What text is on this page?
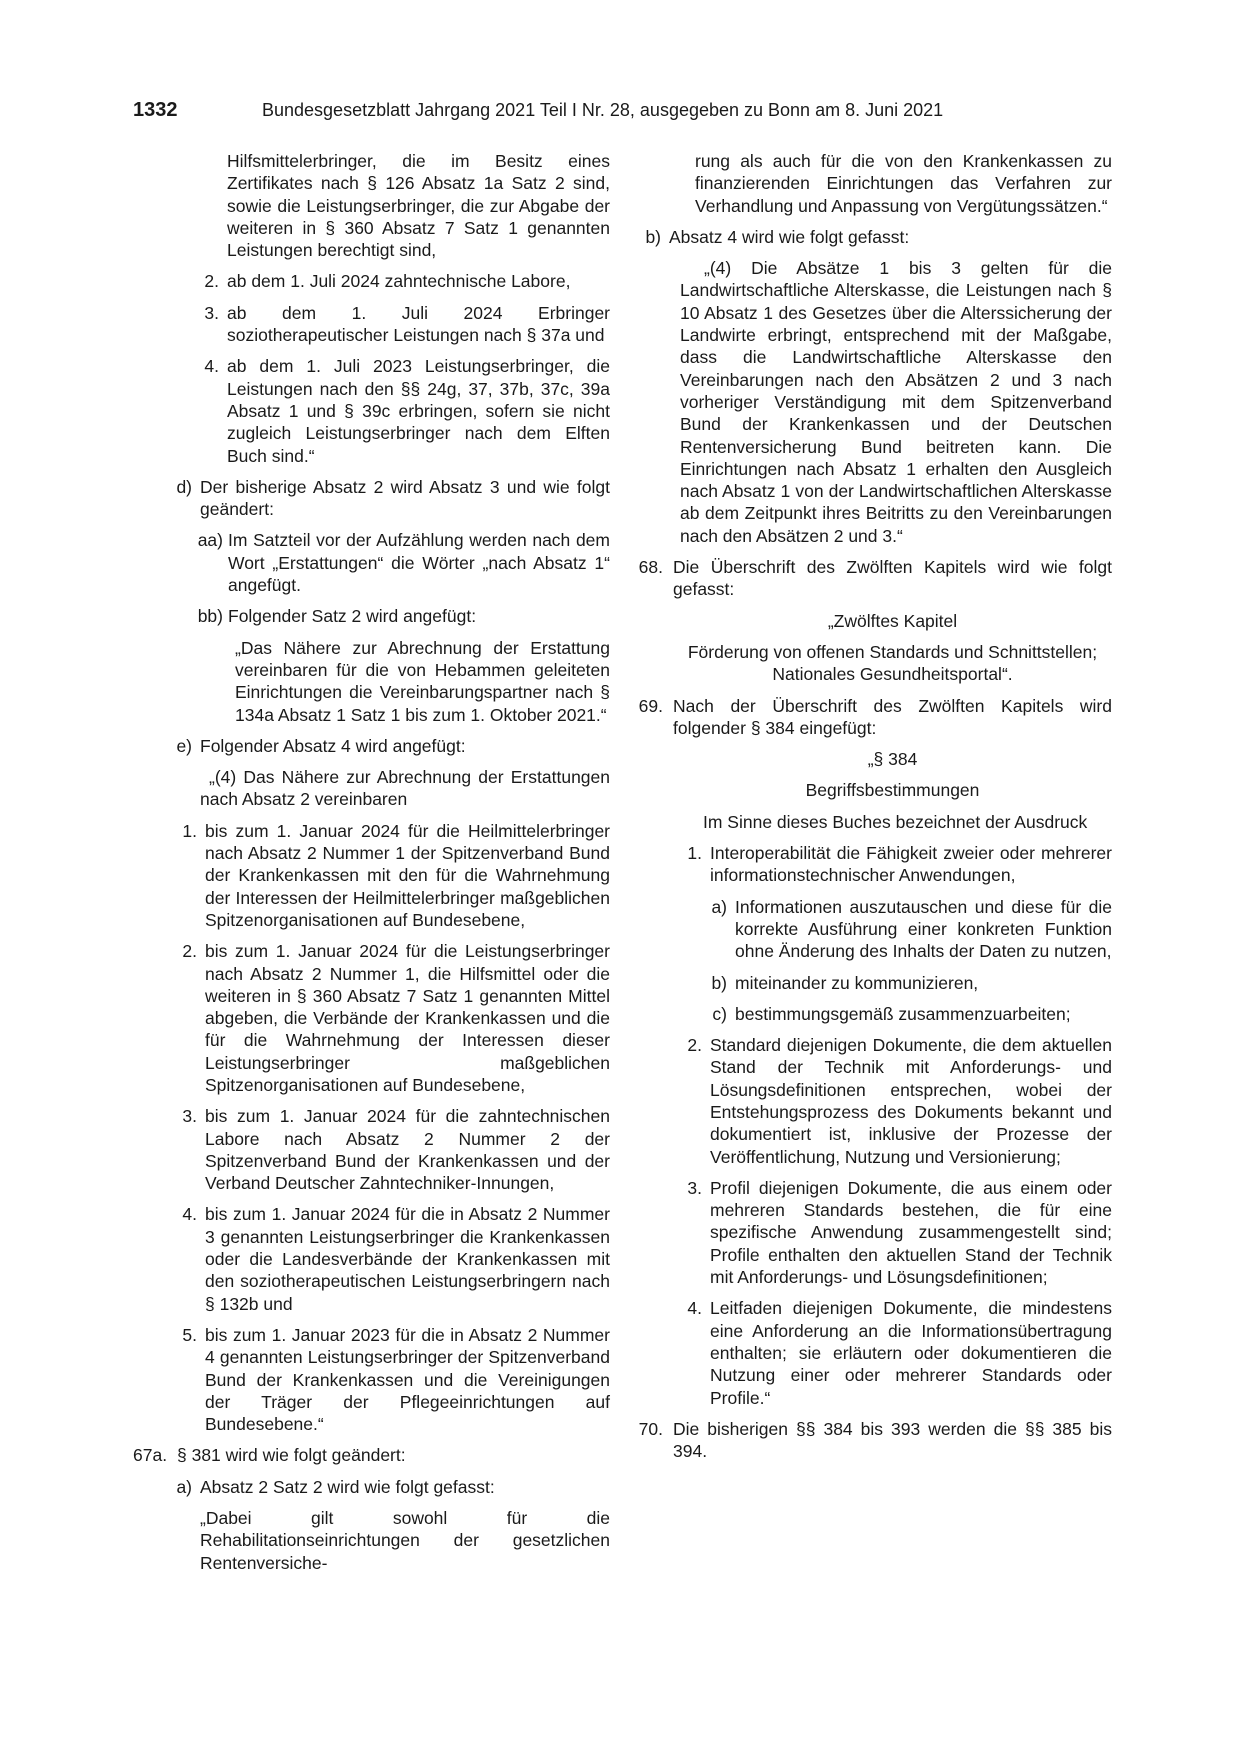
1332	Bundesgesetzblatt Jahrgang 2021 Teil I Nr. 28, ausgegeben zu Bonn am 8. Juni 2021

Hilfsmittelerbringer, die im Besitz eines Zertifikates nach § 126 Absatz 1a Satz 2 sind, sowie die Leistungserbringer, die zur Abgabe der weiteren in § 360 Absatz 7 Satz 1 genannten Leistungen berechtigt sind,

2. ab dem 1. Juli 2024 zahntechnische Labore,
3. ab dem 1. Juli 2024 Erbringer soziotherapeutischer Leistungen nach § 37a und
4. ab dem 1. Juli 2023 Leistungserbringer, die Leistungen nach den §§ 24g, 37, 37b, 37c, 39a Absatz 1 und § 39c erbringen, sofern sie nicht zugleich Leistungserbringer nach dem Elften Buch sind.“
d) Der bisherige Absatz 2 wird Absatz 3 und wie folgt geändert:
aa) Im Satzteil vor der Aufzählung werden nach dem Wort „Erstattungen“ die Wörter „nach Absatz 1“ angefügt.
bb) Folgender Satz 2 wird angefügt:

„Das Nähere zur Abrechnung der Erstattung vereinbaren für die von Hebammen geleiteten Einrichtungen die Vereinbarungspartner nach § 134a Absatz 1 Satz 1 bis zum 1. Oktober 2021.“

e) Folgender Absatz 4 wird angefügt:

„(4) Das Nähere zur Abrechnung der Erstattungen nach Absatz 2 vereinbaren

1. bis zum 1. Januar 2024 für die Heilmittelerbringer nach Absatz 2 Nummer 1 der Spitzenverband Bund der Krankenkassen mit den für die Wahrnehmung der Interessen der Heilmittelerbringer maßgeblichen Spitzenorganisationen auf Bundesebene,
2. bis zum 1. Januar 2024 für die Leistungserbringer nach Absatz 2 Nummer 1, die Hilfsmittel oder die weiteren in § 360 Absatz 7 Satz 1 genannten Mittel abgeben, die Verbände der Krankenkassen und die für die Wahrnehmung der Interessen dieser Leistungserbringer maßgeblichen Spitzenorganisationen auf Bundesebene,
3. bis zum 1. Januar 2024 für die zahntechnischen Labore nach Absatz 2 Nummer 2 der Spitzenverband Bund der Krankenkassen und der Verband Deutscher Zahntechniker-Innungen,
4. bis zum 1. Januar 2024 für die in Absatz 2 Nummer 3 genannten Leistungserbringer die Krankenkassen oder die Landesverbände der Krankenkassen mit den soziotherapeutischen Leistungserbringern nach § 132b und
5. bis zum 1. Januar 2023 für die in Absatz 2 Nummer 4 genannten Leistungserbringer der Spitzenverband Bund der Krankenkassen und die Vereinigungen der Träger der Pflegeeinrichtungen auf Bundesebene.“
67a. § 381 wird wie folgt geändert:
a) Absatz 2 Satz 2 wird wie folgt gefasst:

„Dabei gilt sowohl für die Rehabilitationseinrichtungen der gesetzlichen Rentenversiche-

rung als auch für die von den Krankenkassen zu finanzierenden Einrichtungen das Verfahren zur Verhandlung und Anpassung von Vergütungssätzen.“

b) Absatz 4 wird wie folgt gefasst:

„(4) Die Absätze 1 bis 3 gelten für die Landwirtschaftliche Alterskasse, die Leistungen nach § 10 Absatz 1 des Gesetzes über die Alterssicherung der Landwirte erbringt, entsprechend mit der Maßgabe, dass die Landwirtschaftliche Alterskasse den Vereinbarungen nach den Absätzen 2 und 3 nach vorheriger Verständigung mit dem Spitzenverband Bund der Krankenkassen und der Deutschen Rentenversicherung Bund beitreten kann. Die Einrichtungen nach Absatz 1 erhalten den Ausgleich nach Absatz 1 von der Landwirtschaftlichen Alterskasse ab dem Zeitpunkt ihres Beitritts zu den Vereinbarungen nach den Absätzen 2 und 3.“

68. Die Überschrift des Zwölften Kapitels wird wie folgt gefasst:

„Zwölftes Kapitel

Förderung von offenen Standards und Schnittstellen; Nationales Gesundheitsportal“.

69. Nach der Überschrift des Zwölften Kapitels wird folgender § 384 eingefügt:

„§ 384

Begriffsbestimmungen

Im Sinne dieses Buches bezeichnet der Ausdruck

1. Interoperabilität die Fähigkeit zweier oder mehrerer informationstechnischer Anwendungen,
a) Informationen auszutauschen und diese für die korrekte Ausführung einer konkreten Funktion ohne Änderung des Inhalts der Daten zu nutzen,
b) miteinander zu kommunizieren,
c) bestimmungsgemäß zusammenzuarbeiten;
2. Standard diejenigen Dokumente, die dem aktuellen Stand der Technik mit Anforderungs- und Lösungsdefinitionen entsprechen, wobei der Entstehungsprozess des Dokuments bekannt und dokumentiert ist, inklusive der Prozesse der Veröffentlichung, Nutzung und Versionierung;
3. Profil diejenigen Dokumente, die aus einem oder mehreren Standards bestehen, die für eine spezifische Anwendung zusammengestellt sind; Profile enthalten den aktuellen Stand der Technik mit Anforderungs- und Lösungsdefinitionen;
4. Leitfaden diejenigen Dokumente, die mindestens eine Anforderung an die Informationsübertragung enthalten; sie erläutern oder dokumentieren die Nutzung einer oder mehrerer Standards oder Profile.“
70. Die bisherigen §§ 384 bis 393 werden die §§ 385 bis 394.
